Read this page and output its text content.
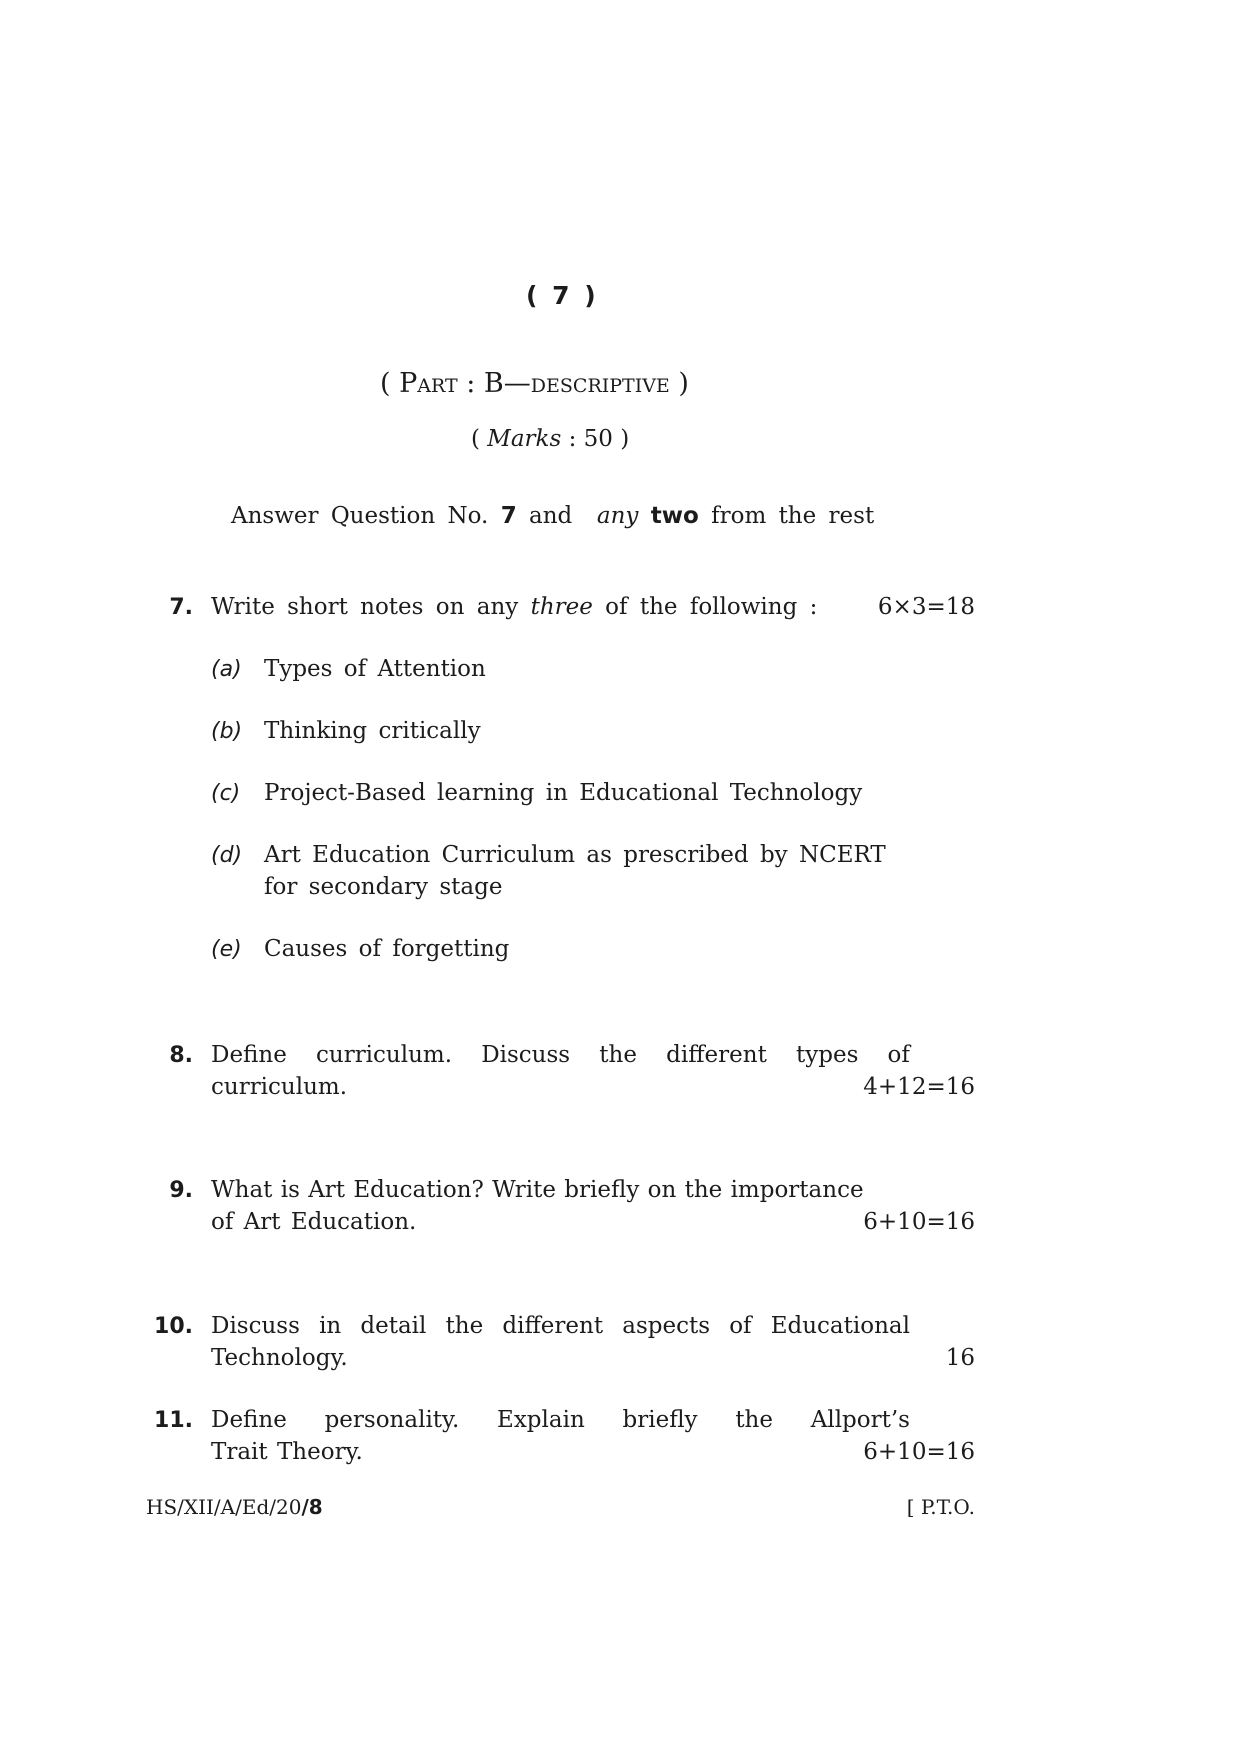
( 7 )
( Part : B—descriptive )
( Marks : 50 )
Answer Question No. 7 and any two from the rest
7. Write short notes on any three of the following :	6×3=18
(a) Types of Attention
(b) Thinking critically
(c) Project-Based learning in Educational Technology
(d) Art Education Curriculum as prescribed by NCERT
for secondary stage
(e) Causes of forgetting
8. Define curriculum. Discuss the different types of
curriculum.	4+12=16
9. What is Art Education? Write briefly on the importance
of Art Education.	6+10=16
10. Discuss in detail the different aspects of Educational
Technology.	16
11. Define personality. Explain briefly the Allport’s
Trait Theory.	6+10=16
HS/XII/A/Ed/20/8	[ P.T.O.
